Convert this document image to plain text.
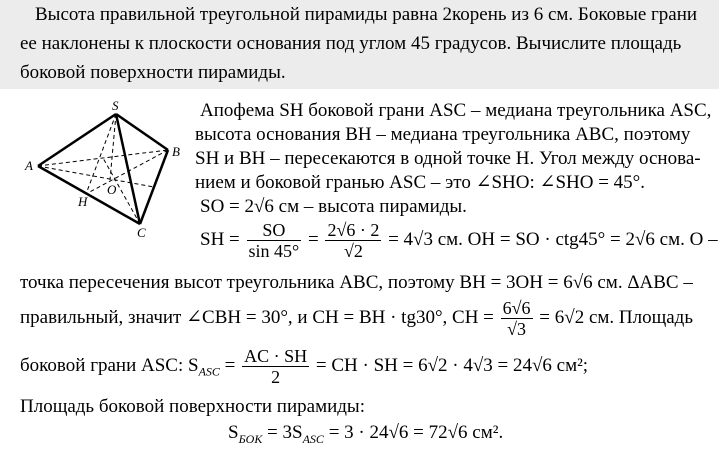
Высота правильной треугольной пирамиды равна 2корень из 6 см. Боковые грани
ее наклонены к плоскости основания под углом 45 градусов. Вычислите площадь
боковой поверхности пирамиды.
S
A
B
C
O
H
Апофема SH боковой грани ASC – медиана треугольника ASC,
высота основания BH – медиана треугольника ABC, поэтому
SH и BH – пересекаются в одной точке H. Угол между основа-
нием и боковой гранью ASC – это ∠SHO: ∠SHO = 45°.
SO = 2√6 см – высота пирамиды.
SH = $\frac{SO}{\sin 45^\circ} = \frac{2√6 \cdot 2}{√2} = 4√3$ см. OH = SO · ctg45° = 2√6 см. O –
точка пересечения высот треугольника ABC, поэтому BH = 3OH = 6√6 см. ΔABC –
правильный, значит ∠CBH = 30°, и CH = BH · tg30°, CH = $\frac{6√6}{√3} = 6√2$ см. Площадь
боковой грани ASC: $S_{ASC} = \frac{AC \cdot SH}{2}$ = CH · SH = 6√2 · 4√3 = 24√6 см²;
Площадь боковой поверхности пирамиды:
$S_{БОК} = 3S_{ASC} = 3 \cdot 24√6 = 72√6$ см².
